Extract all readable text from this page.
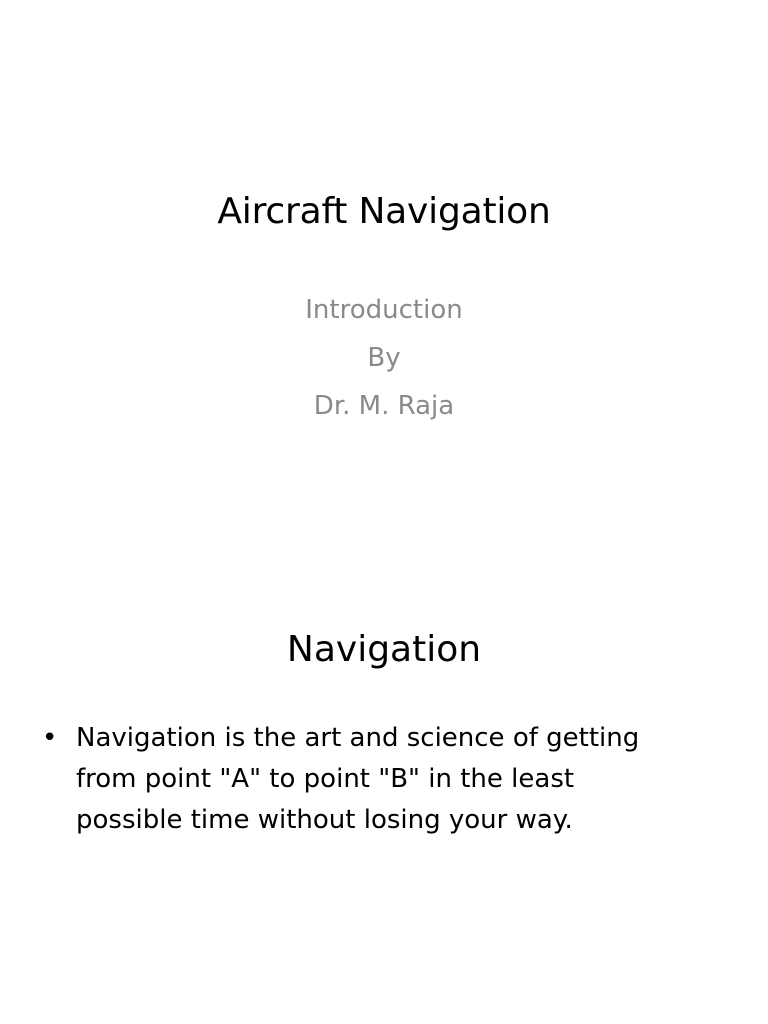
Aircraft Navigation
Introduction
By
Dr. M. Raja
Navigation
• Navigation is the art and science of getting from point "A" to point "B" in the least possible time without losing your way.
